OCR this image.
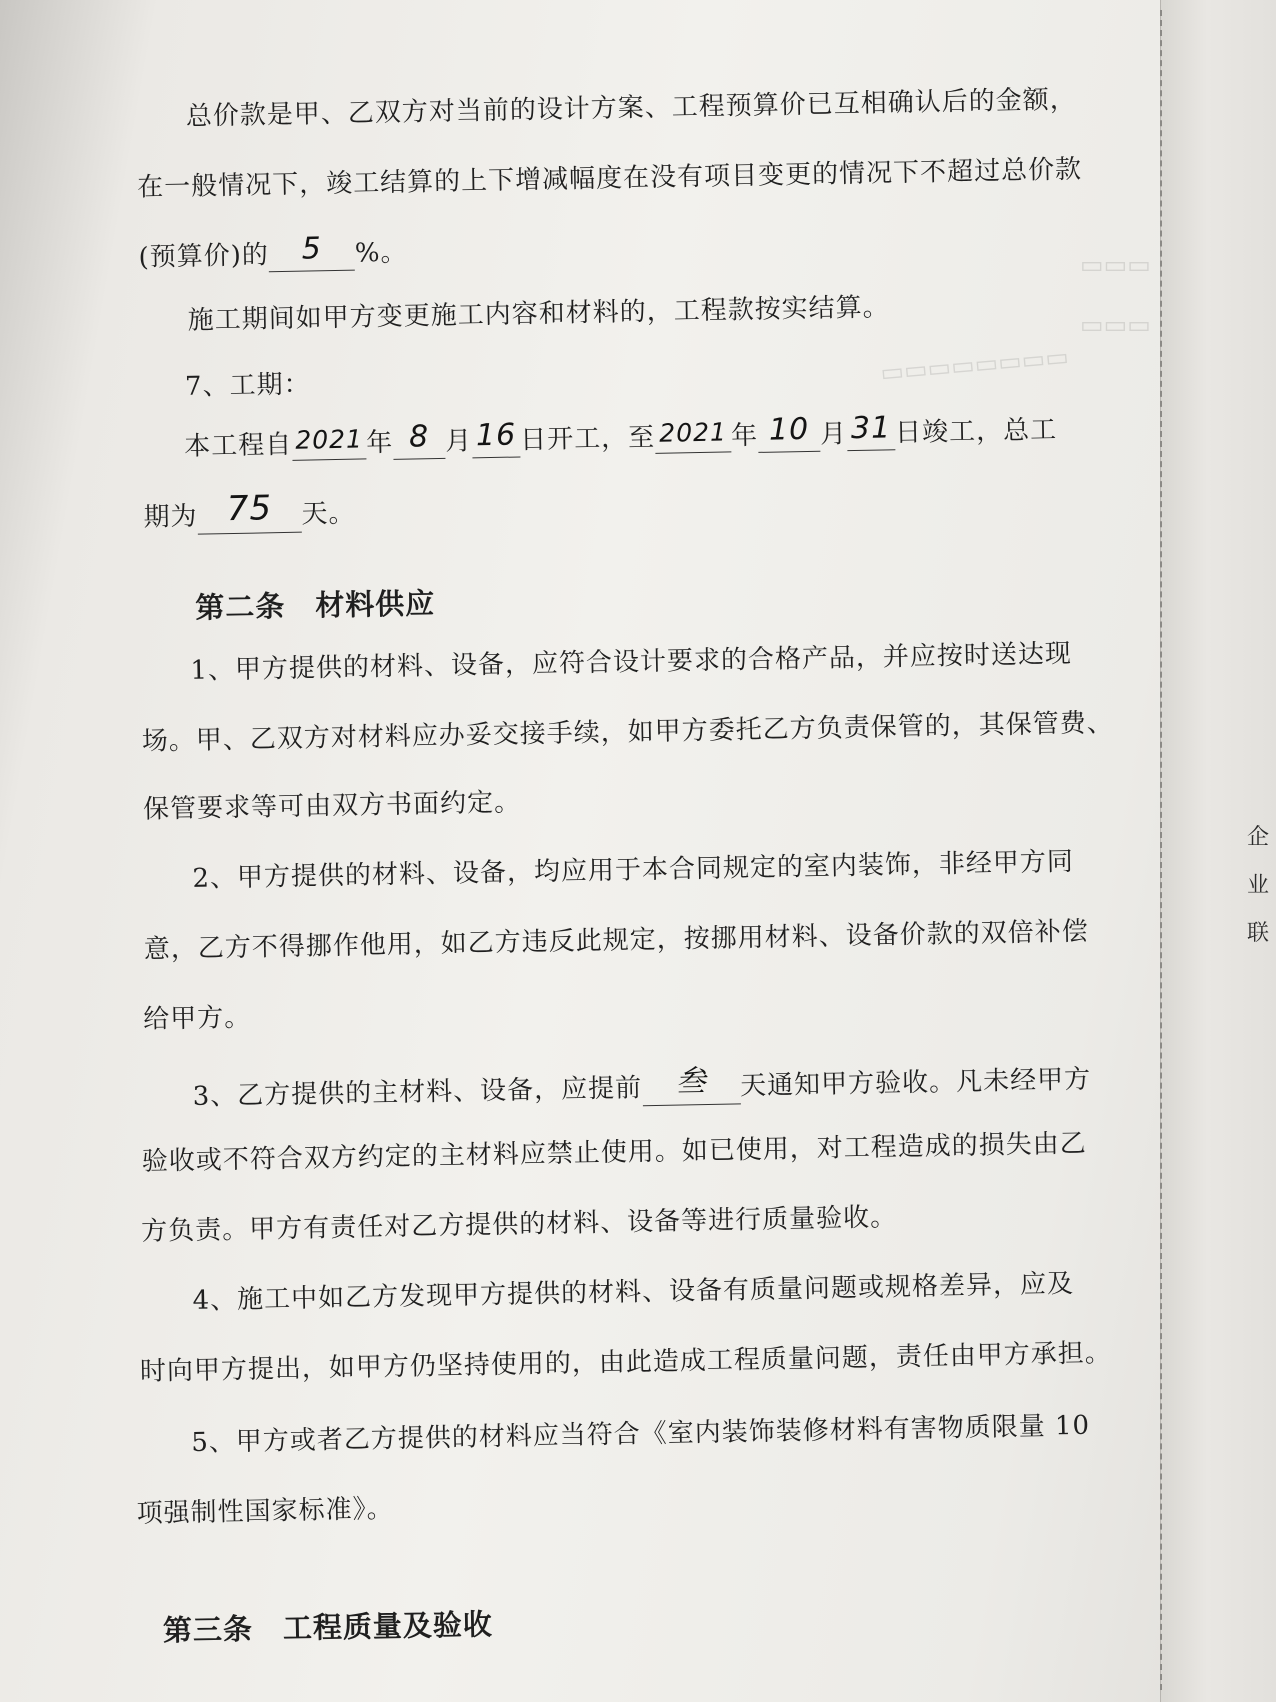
企
业
联
▭▭▭▭▭▭▭▭
▭▭▭
▭▭▭
总价款是甲、乙双方对当前的设计方案、工程预算价已互相确认后的金额，
在一般情况下，竣工结算的上下增减幅度在没有项目变更的情况下不超过总价款
(预算价)的 5 %。
施工期间如甲方变更施工内容和材料的，工程款按实结算。
7、工期：
本工程自 2021 年 8 月 16 日开工，至 2021 年 10 月 31 日竣工，总工
期为 75 天。
第二条　材料供应
1、甲方提供的材料、设备，应符合设计要求的合格产品，并应按时送达现
场。甲、乙双方对材料应办妥交接手续，如甲方委托乙方负责保管的，其保管费、
保管要求等可由双方书面约定。
2、甲方提供的材料、设备，均应用于本合同规定的室内装饰，非经甲方同
意，乙方不得挪作他用，如乙方违反此规定，按挪用材料、设备价款的双倍补偿
给甲方。
3、乙方提供的主材料、设备，应提前 叁 天通知甲方验收。凡未经甲方
验收或不符合双方约定的主材料应禁止使用。如已使用，对工程造成的损失由乙
方负责。甲方有责任对乙方提供的材料、设备等进行质量验收。
4、施工中如乙方发现甲方提供的材料、设备有质量问题或规格差异，应及
时向甲方提出，如甲方仍坚持使用的，由此造成工程质量问题，责任由甲方承担。
5、甲方或者乙方提供的材料应当符合《室内装饰装修材料有害物质限量 10
项强制性国家标准》。
第三条　工程质量及验收
